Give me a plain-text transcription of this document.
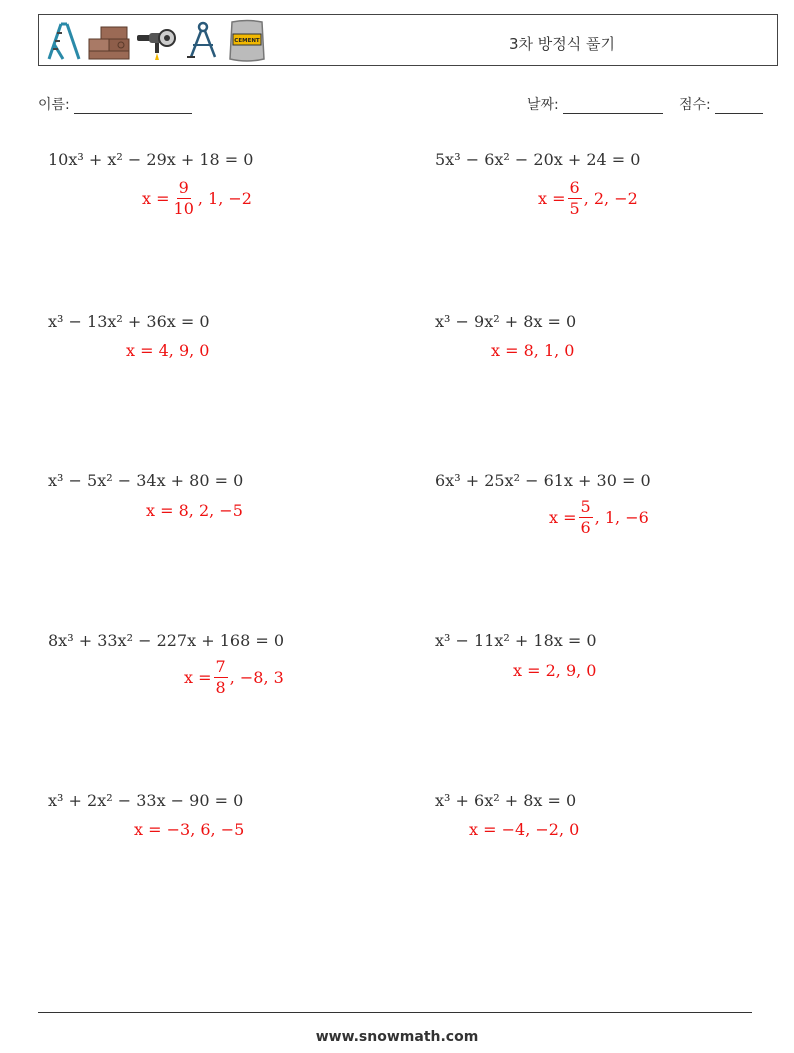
CEMENT	3차 방정식 풀기
이름:	날짜:	점수:
10x³ + x² − 29x + 18 = 0
$x = \frac{9}{10}$ , 1, −2
5x³ − 6x² − 20x + 24 = 0
$x = \frac{6}{5}$ , 2, −2
x³ − 13x² + 36x = 0
x = 4, 9, 0
x³ − 9x² + 8x = 0
x = 8, 1, 0
x³ − 5x² − 34x + 80 = 0
x = 8, 2, −5
6x³ + 25x² − 61x + 30 = 0
$x = \frac{5}{6}$ , 1, −6
8x³ + 33x² − 227x + 168 = 0
$x = \frac{7}{8}$ , −8, 3
x³ − 11x² + 18x = 0
x = 2, 9, 0
x³ + 2x² − 33x − 90 = 0
x = −3, 6, −5
x³ + 6x² + 8x = 0
x = −4, −2, 0
www.snowmath.com
